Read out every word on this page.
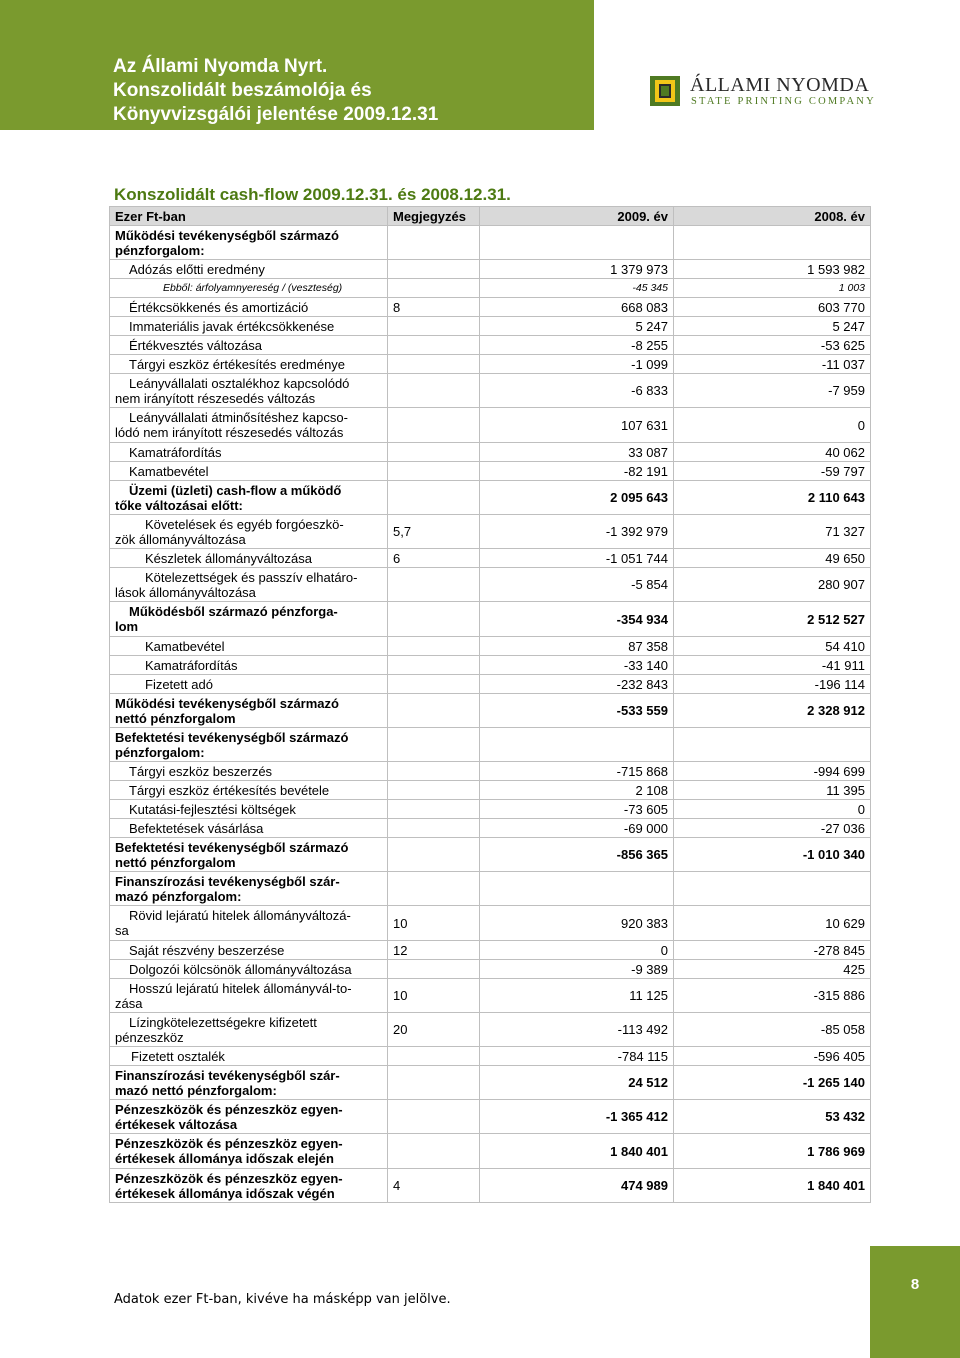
Az Állami Nyomda Nyrt.
Konszolidált beszámolója és
Könyvvizsgálói jelentése 2009.12.31
ÁLLAMI NYOMDA
STATE PRINTING COMPANY
Konszolidált cash-flow 2009.12.31. és 2008.12.31.
Ezer Ft-ban	Megjegyzés	2009. év	2008. év

Működési tevékenységből származó
pénzforgalom:			

Adózás előtti eredmény		1 379 973	1 593 982

Ebből: árfolyamnyereség / (veszteség)		-45 345	1 003

Értékcsökkenés és amortizáció	8	668 083	603 770

Immateriális javak értékcsökkenése		5 247	5 247

Értékvesztés változása		-8 255	-53 625

Tárgyi eszköz értékesítés eredménye		-1 099	-11 037

Leányvállalati osztalékhoz kapcsolódó
nem irányított részesedés változás		-6 833	-7 959

Leányvállalati átminősítéshez kapcso-
lódó nem irányított részesedés változás		107 631	0

Kamatráfordítás		33 087	40 062

Kamatbevétel		-82 191	-59 797

Üzemi (üzleti) cash-flow a működő
tőke változásai előtt:		2 095 643	2 110 643

Követelések és egyéb forgóeszkö-
zök állományváltozása	5,7	-1 392 979	71 327

Készletek állományváltozása	6	-1 051 744	49 650

Kötelezettségek és passzív elhatáro-
lások állományváltozása		-5 854	280 907

Működésből származó pénzforga-
lom		-354 934	2 512 527

Kamatbevétel		87 358	54 410

Kamatráfordítás		-33 140	-41 911

Fizetett adó		-232 843	-196 114

Működési tevékenységből származó
nettó pénzforgalom		-533 559	2 328 912

Befektetési tevékenységből származó
pénzforgalom:			

Tárgyi eszköz beszerzés		-715 868	-994 699

Tárgyi eszköz értékesítés bevétele		2 108	11 395

Kutatási-fejlesztési költségek		-73 605	0

Befektetések vásárlása		-69 000	-27 036

Befektetési tevékenységből származó
nettó pénzforgalom		-856 365	-1 010 340

Finanszírozási tevékenységből szár-
mazó pénzforgalom:			

Rövid lejáratú hitelek állományváltozá-
sa	10	920 383	10 629

Saját részvény beszerzése	12	0	-278 845

Dolgozói kölcsönök állományváltozása		-9 389	425

Hosszú lejáratú hitelek állományvál-to-
zása	10	11 125	-315 886

Lízingkötelezettségekre kifizetett
pénzeszköz	20	-113 492	-85 058

Fizetett osztalék		-784 115	-596 405

Finanszírozási tevékenységből szár-
mazó nettó pénzforgalom:		24 512	-1 265 140

Pénzeszközök és pénzeszköz egyen-
értékesek változása		-1 365 412	53 432

Pénzeszközök és pénzeszköz egyen-
értékesek állománya időszak elején		1 840 401	1 786 969

Pénzeszközök és pénzeszköz egyen-
értékesek állománya időszak végén	4	474 989	1 840 401
Adatok ezer Ft-ban, kivéve ha másképp van jelölve.
8
